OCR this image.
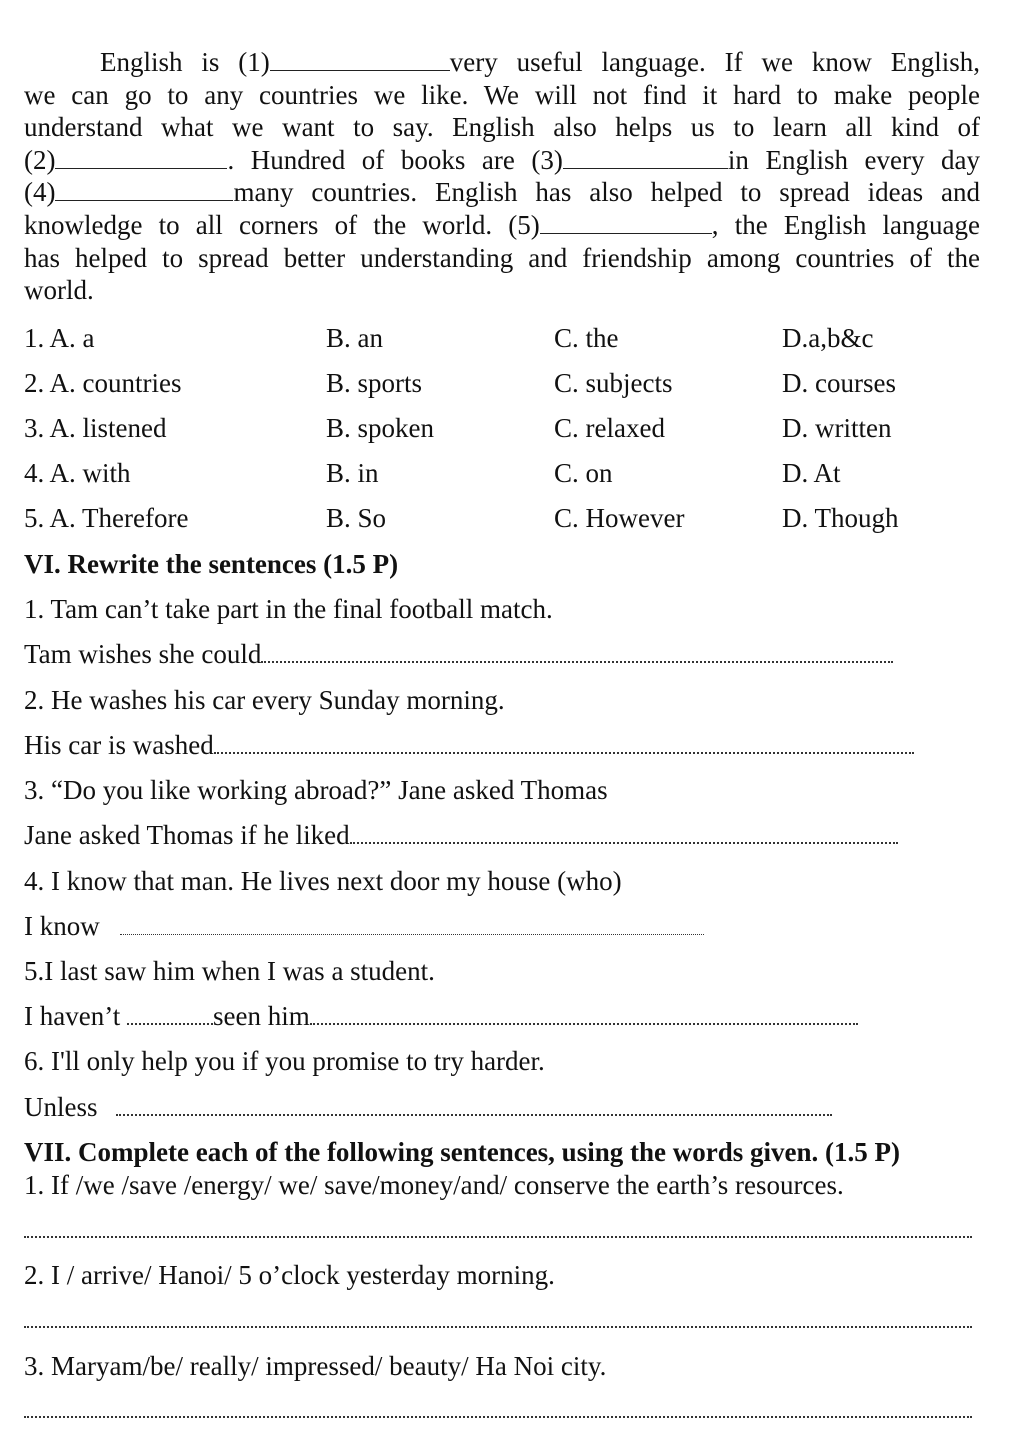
English is (1)	very useful language. If we know English,
we can go to any countries we like. We will not find it hard to make people
understand what we want to say. English also helps us to learn all kind of
(2)	. Hundred of books are (3)	in English every day
(4)	many countries. English has also helped to spread ideas and
knowledge to all corners of the world. (5)	, the English language
has helped to spread better understanding and friendship among countries of the
world.
1. A. a	B. an	C. the	D.a,b&c
2. A. countries	B. sports	C. subjects	D. courses
3. A. listened	B. spoken	C. relaxed	D. written
4. A. with	B. in	C. on	D. At
5. A. Therefore	B. So	C. However	D. Though
VI. Rewrite the sentences (1.5 P)
1. Tam can’t take part in the final football match.
Tam wishes she could
2. He washes his car every Sunday morning.
His car is washed
3. “Do you like working abroad?” Jane asked Thomas
Jane asked Thomas if he liked
4. I know that man. He lives next door my house (who)
I know
5.I last saw him when I was a student.
I haven’t	seen him
6. I'll only help you if you promise to try harder.
Unless
VII. Complete each of the following sentences, using the words given. (1.5 P)
1. If /we /save /energy/ we/ save/money/and/ conserve the earth’s resources.
2. I / arrive/ Hanoi/ 5 o’clock yesterday morning.
3. Maryam/be/ really/ impressed/ beauty/ Ha Noi city.
